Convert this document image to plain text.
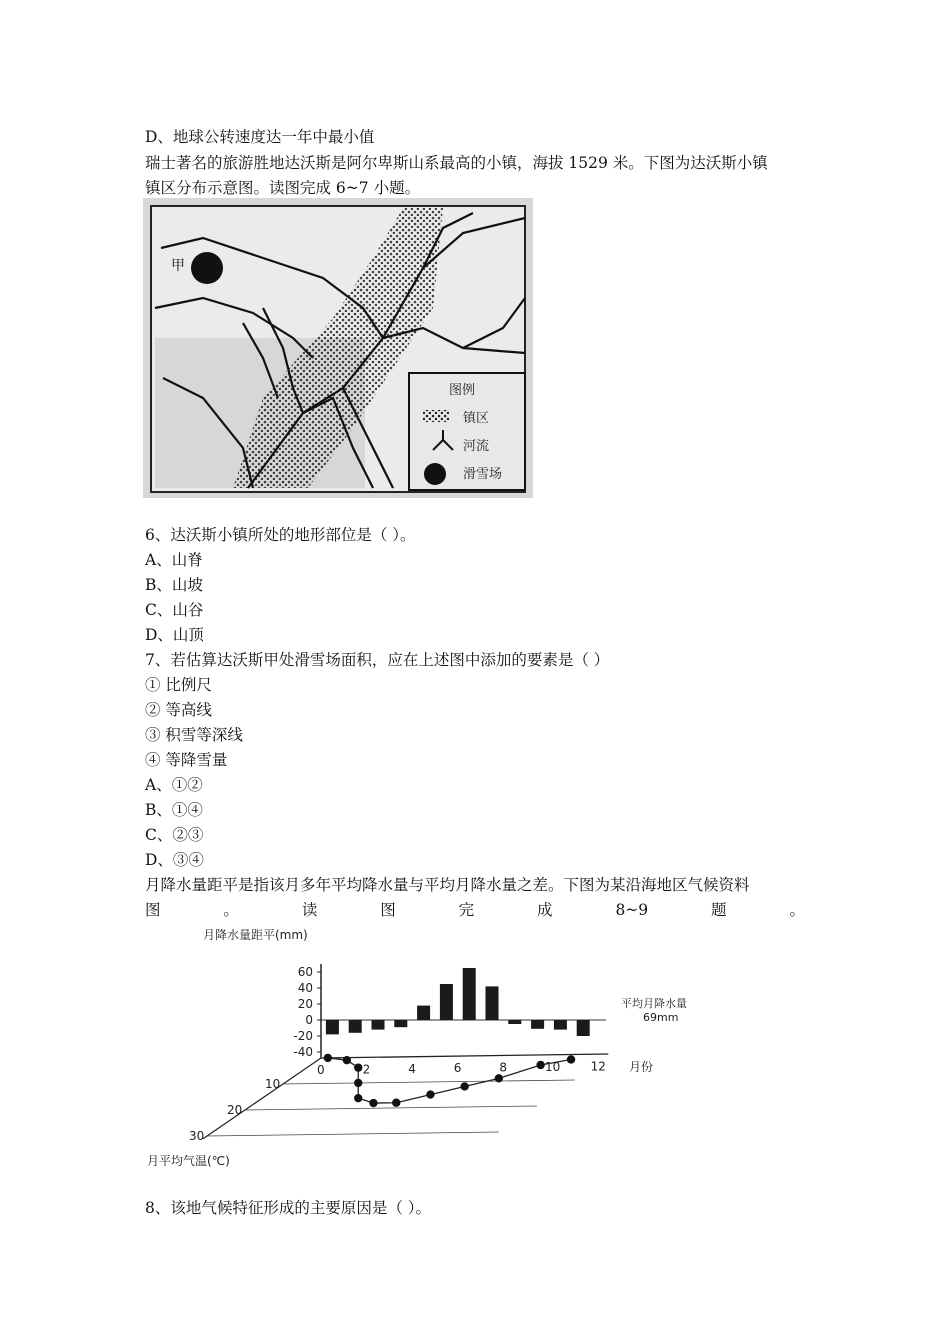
D、地球公转速度达一年中最小值
瑞士著名的旅游胜地达沃斯是阿尔卑斯山系最高的小镇，海拔 1529 米。下图为达沃斯小镇
镇区分布示意图。读图完成 6~7 小题。
甲
图例
镇区
河流
滑雪场
6、达沃斯小镇所处的地形部位是（ ）。
A、山脊
B、山坡
C、山谷
D、山顶
7、若估算达沃斯甲处滑雪场面积，应在上述图中添加的要素是（ ）
① 比例尺
② 等高线
③ 积雪等深线
④ 等降雪量
A、①②
B、①④
C、②③
D、③④
月降水量距平是指该月多年平均降水量与平均月降水量之差。下图为某沿海地区气候资料
图	。	读	图	完	成	8~9	题	。
月降水量距平(mm)
月份
平均月降水量
69mm
月平均气温(℃)
60
40
20
0
-20
-40
0	2	4	6	8	10	12
10
20
30
8、该地气候特征形成的主要原因是（ ）。
